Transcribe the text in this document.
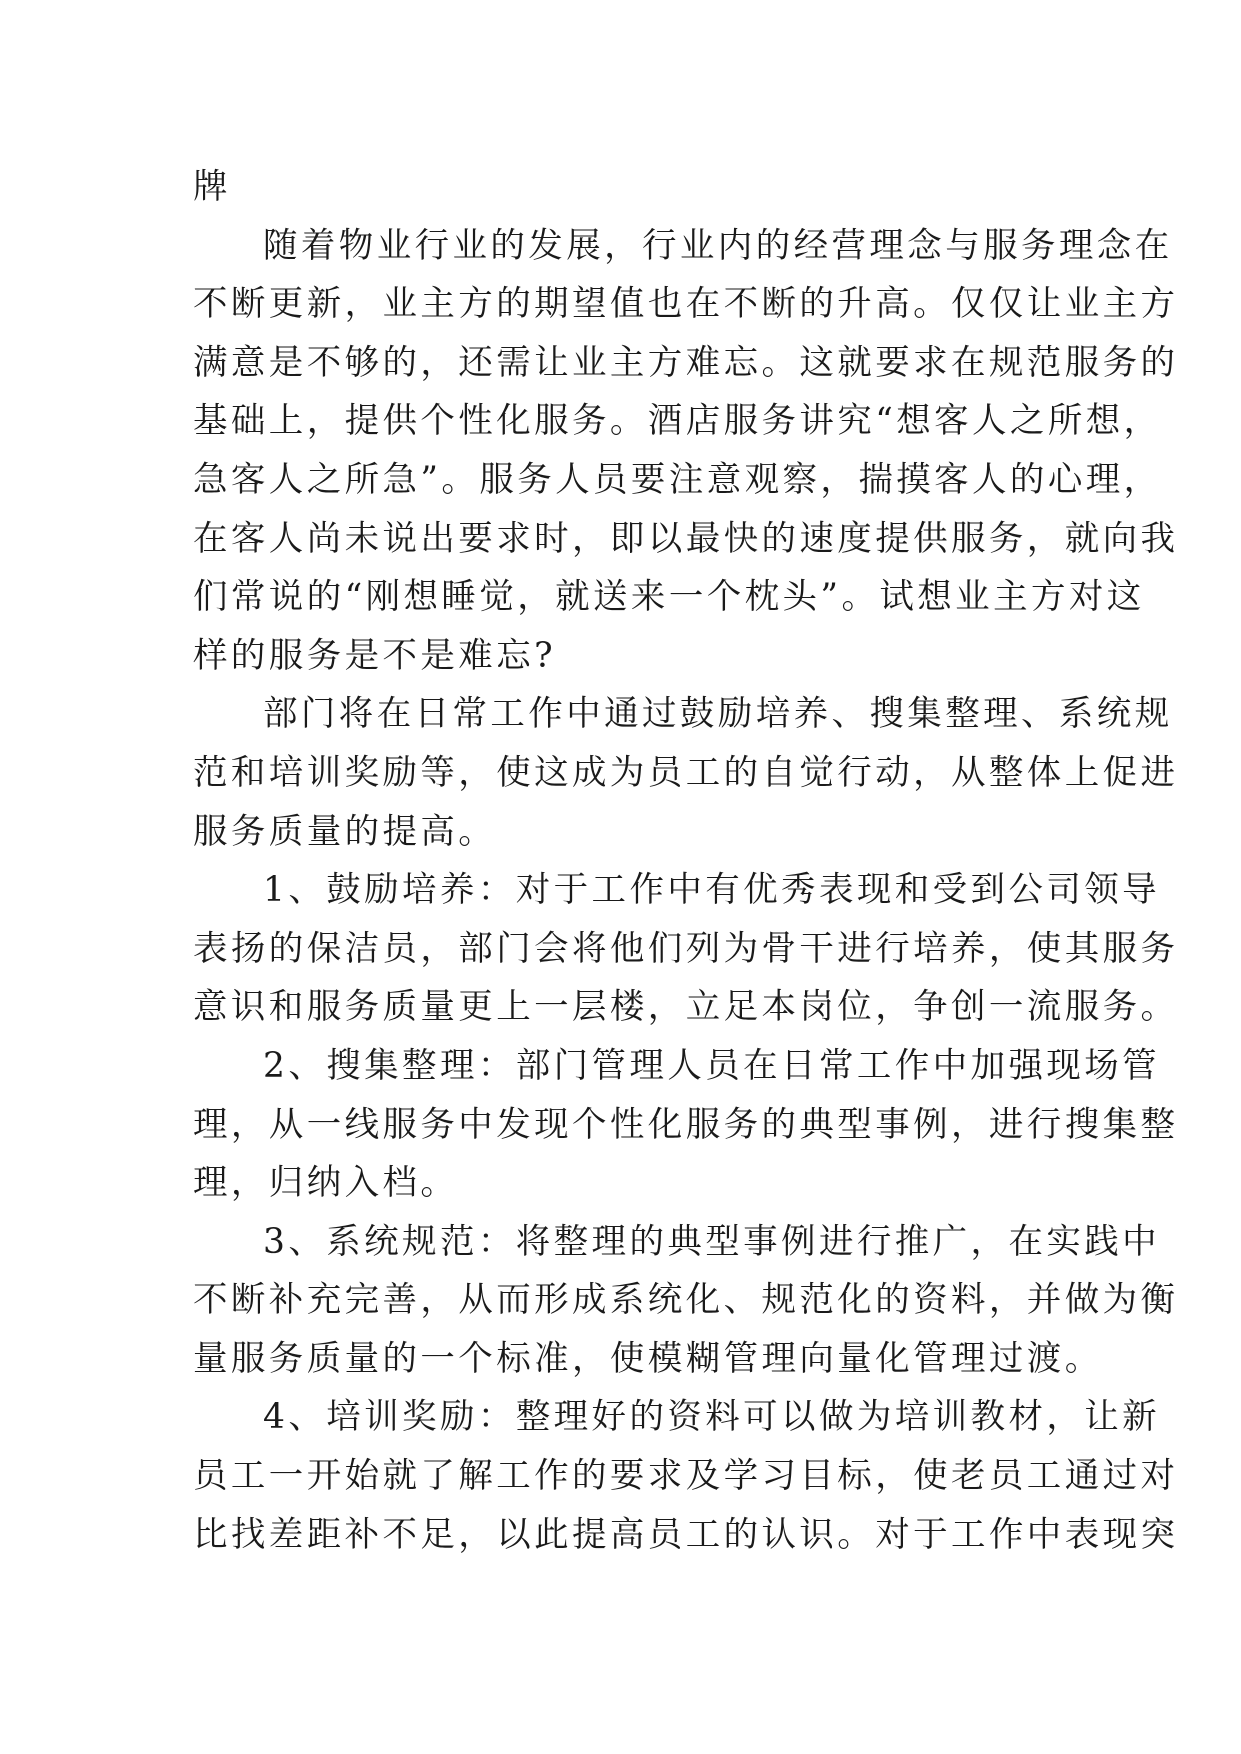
牌
随着物业行业的发展，行业内的经营理念与服务理念在
不断更新，业主方的期望值也在不断的升高。仅仅让业主方
满意是不够的，还需让业主方难忘。这就要求在规范服务的
基础上，提供个性化服务。酒店服务讲究“想客人之所想，
急客人之所急”。服务人员要注意观察，揣摸客人的心理，
在客人尚未说出要求时，即以最快的速度提供服务，就向我
们常说的“刚想睡觉，就送来一个枕头”。试想业主方对这
样的服务是不是难忘?
部门将在日常工作中通过鼓励培养、搜集整理、系统规
范和培训奖励等，使这成为员工的自觉行动，从整体上促进
服务质量的提高。
1、鼓励培养：对于工作中有优秀表现和受到公司领导
表扬的保洁员，部门会将他们列为骨干进行培养，使其服务
意识和服务质量更上一层楼，立足本岗位，争创一流服务。
2、搜集整理：部门管理人员在日常工作中加强现场管
理，从一线服务中发现个性化服务的典型事例，进行搜集整
理，归纳入档。
3、系统规范：将整理的典型事例进行推广，在实践中
不断补充完善，从而形成系统化、规范化的资料，并做为衡
量服务质量的一个标准，使模糊管理向量化管理过渡。
4、培训奖励：整理好的资料可以做为培训教材，让新
员工一开始就了解工作的要求及学习目标，使老员工通过对
比找差距补不足，以此提高员工的认识。对于工作中表现突
